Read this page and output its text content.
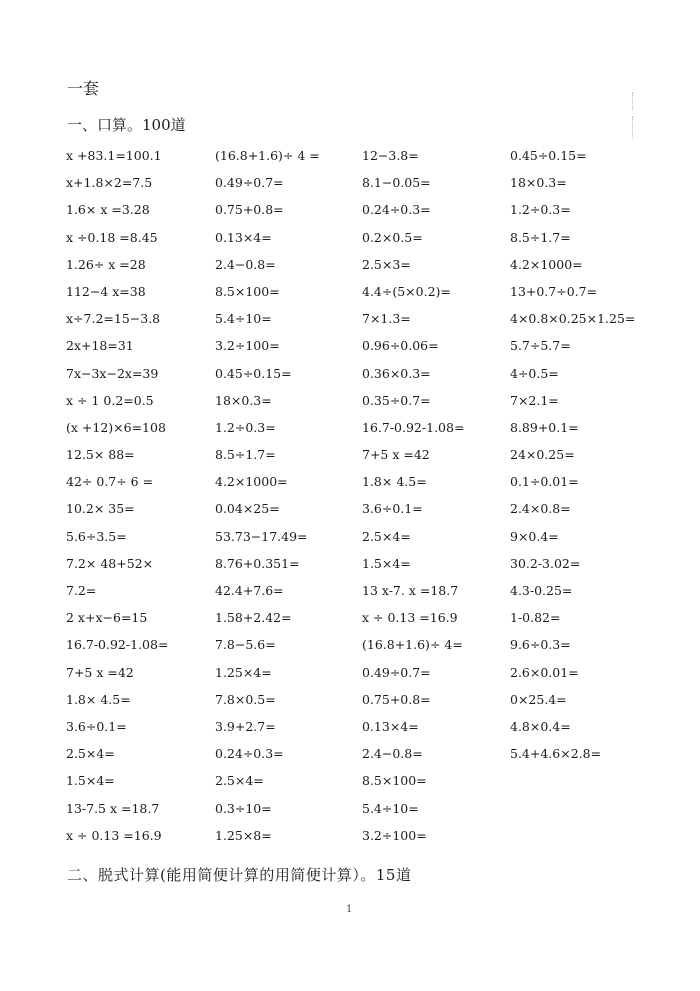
一套
一、口算。100道
x +83.1=100.1
x+1.8×2=7.5
1.6× x =3.28
x ÷0.18 =8.45
1.26÷ x =28
112−4 x=38
x÷7.2=15−3.8
2x+18=31
7x−3x−2x=39
x ÷ 1 0.2=0.5
(x +12)×6=108
12.5× 88=
42÷ 0.7÷ 6 =
10.2× 35=
5.6÷3.5=
7.2× 48+52×
7.2=
2 x+x−6=15
16.7-0.92-1.08=
7+5 x =42
1.8× 4.5=
3.6÷0.1=
2.5×4=
1.5×4=
13-7.5 x =18.7
x ÷ 0.13 =16.9
(16.8+1.6)÷ 4 =
0.49÷0.7=
0.75+0.8=
0.13×4=
2.4−0.8=
8.5×100=
5.4÷10=
3.2÷100=
0.45÷0.15=
18×0.3=
1.2÷0.3=
8.5÷1.7=
4.2×1000=
0.04×25=
53.73−17.49=
8.76+0.351=
42.4+7.6=
1.58+2.42=
7.8−5.6=
1.25×4=
7.8×0.5=
3.9+2.7=
0.24÷0.3=
2.5×4=
0.3÷10=
1.25×8=
12−3.8=
8.1−0.05=
0.24÷0.3=
0.2×0.5=
2.5×3=
4.4÷(5×0.2)=
7×1.3=
0.96÷0.06=
0.36×0.3=
0.35÷0.7=
16.7-0.92-1.08=
7+5 x =42
1.8× 4.5=
3.6÷0.1=
2.5×4=
1.5×4=
13 x-7. x =18.7
x ÷ 0.13 =16.9
(16.8+1.6)÷ 4=
0.49÷0.7=
0.75+0.8=
0.13×4=
2.4−0.8=
8.5×100=
5.4÷10=
3.2÷100=
0.45÷0.15=
18×0.3=
1.2÷0.3=
8.5÷1.7=
4.2×1000=
13+0.7÷0.7=
4×0.8×0.25×1.25=
5.7÷5.7=
4÷0.5=
7×2.1=
8.89+0.1=
24×0.25=
0.1÷0.01=
2.4×0.8=
9×0.4=
30.2-3.02=
4.3-0.25=
1-0.82=
9.6÷0.3=
2.6×0.01=
0×25.4=
4.8×0.4=
5.4+4.6×2.8=
二、脱式计算(能用简便计算的用简便计算）。15道
1
